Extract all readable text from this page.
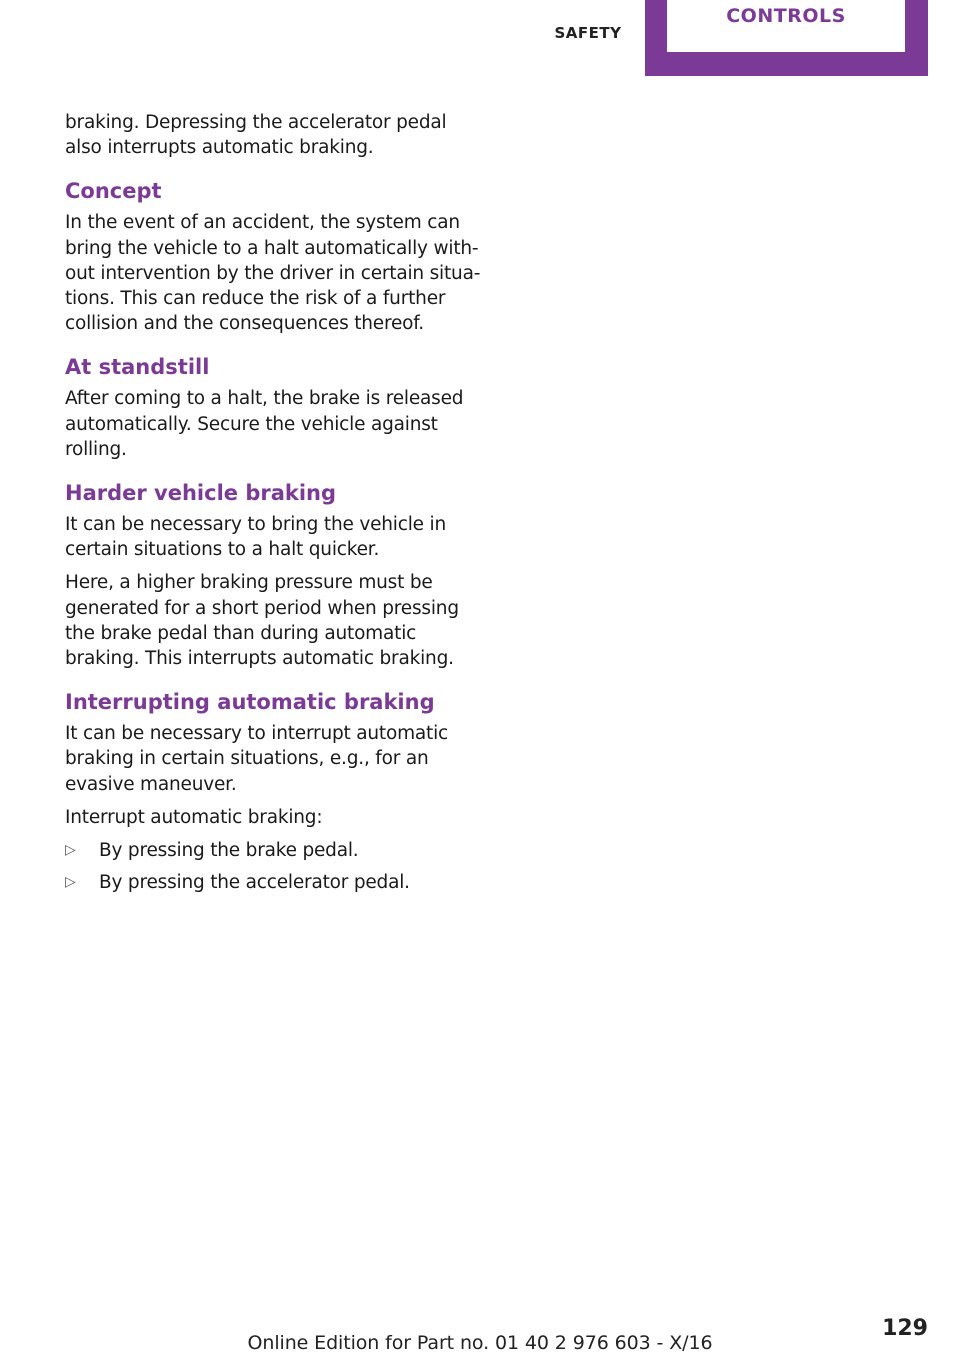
SAFETY
CONTROLS

braking. Depressing the accelerator pedal also interrupts automatic braking.

Concept

In the event of an accident, the system can bring the vehicle to a halt automatically without intervention by the driver in certain situations. This can reduce the risk of a further collision and the consequences thereof.

At standstill

After coming to a halt, the brake is released automatically. Secure the vehicle against rolling.

Harder vehicle braking

It can be necessary to bring the vehicle in certain situations to a halt quicker.

Here, a higher braking pressure must be generated for a short period when pressing the brake pedal than during automatic braking. This interrupts automatic braking.

Interrupting automatic braking

It can be necessary to interrupt automatic braking in certain situations, e.g., for an evasive maneuver.

Interrupt automatic braking:

▷ By pressing the brake pedal.
▷ By pressing the accelerator pedal.
129
Online Edition for Part no. 01 40 2 976 603 - X/16
